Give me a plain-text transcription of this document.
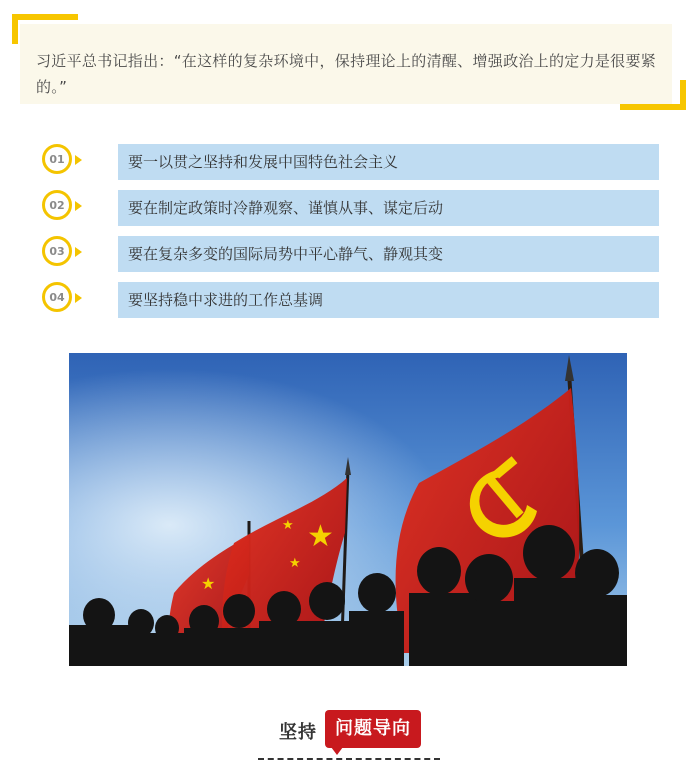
习近平总书记指出：“在这样的复杂环境中，保持理论上的清醒、增强政治上的定力是很要紧的。”
01	要一以贯之坚持和发展中国特色社会主义
02	要在制定政策时冷静观察、谨慎从事、谋定后动
03	要在复杂多变的国际局势中平心静气、静观其变
04	要坚持稳中求进的工作总基调
★
★
★
★
坚持	问题导向
